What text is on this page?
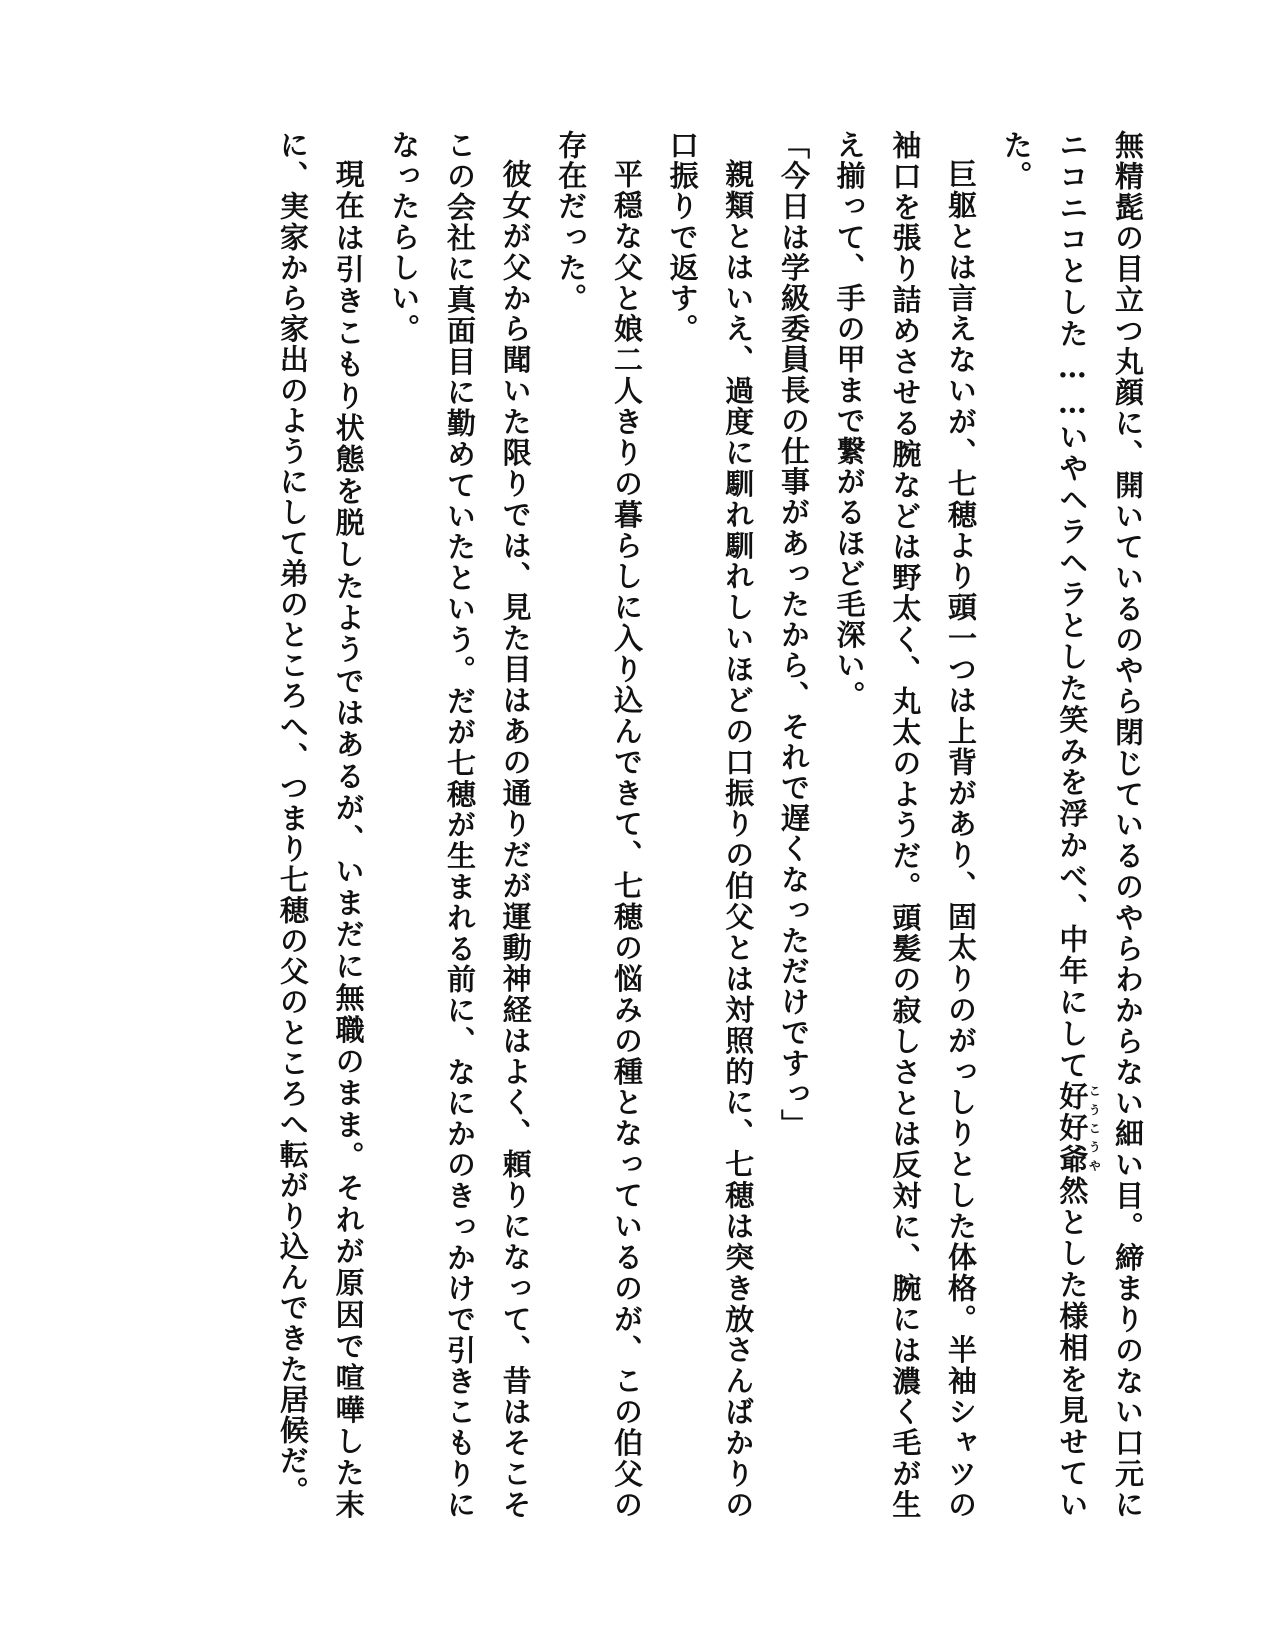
無精髭の目立つ丸顔に、開いているのやら閉じているのやらわからない細い目。締まりのない口元にニコニコとした……いやヘラヘラとした笑みを浮かべ、中年にして好好爺こうこうや然とした様相を見せていた。

巨躯とは言えないが、七穂より頭一つは上背があり、固太りのがっしりとした体格。半袖シャツの袖口を張り詰めさせる腕などは野太く、丸太のようだ。頭髪の寂しさとは反対に、腕には濃く毛が生え揃って、手の甲まで繋がるほど毛深い。

「今日は学級委員長の仕事があったから、それで遅くなっただけですっ」

親類とはいえ、過度に馴れ馴れしいほどの口振りの伯父とは対照的に、七穂は突き放さんばかりの口振りで返す。

平穏な父と娘二人きりの暮らしに入り込んできて、七穂の悩みの種となっているのが、この伯父の存在だった。

彼女が父から聞いた限りでは、見た目はあの通りだが運動神経はよく、頼りになって、昔はそこそこの会社に真面目に勤めていたという。だが七穂が生まれる前に、なにかのきっかけで引きこもりになったらしい。

現在は引きこもり状態を脱したようではあるが、いまだに無職のまま。それが原因で喧嘩した末に、実家から家出のようにして弟のところへ、つまり七穂の父のところへ転がり込んできた居候だ。
